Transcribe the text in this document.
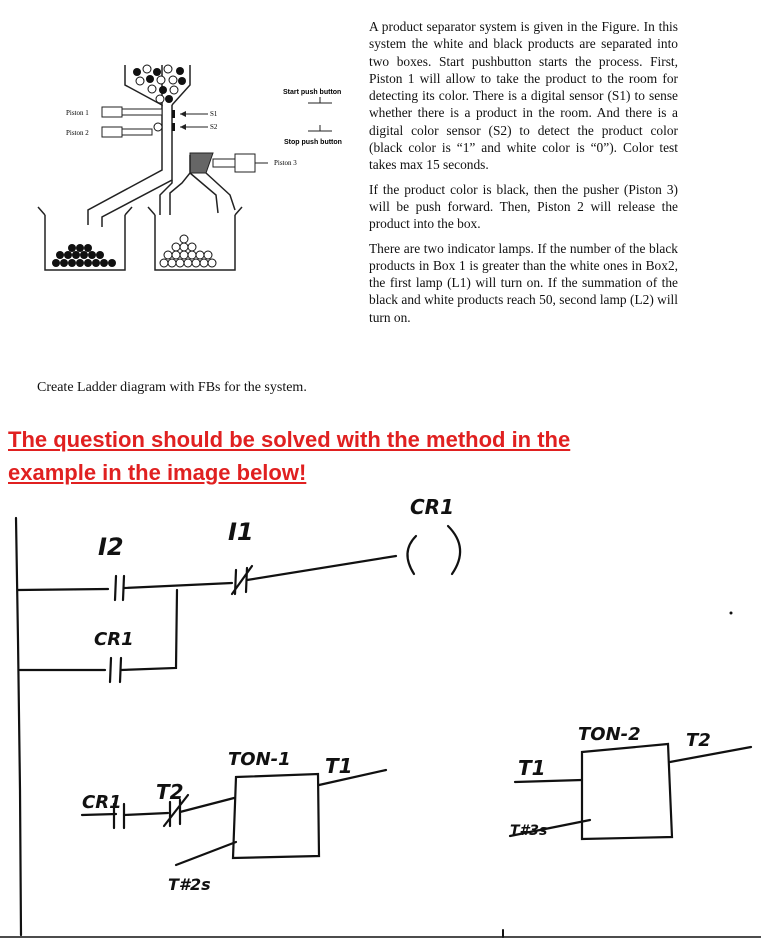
Piston 1
Piston 2
S1
S2
Start push button
Stop push button
Piston 3

A product separator system is given in the Figure. In this system the white and black products are separated into two boxes. Start pushbutton starts the process. First, Piston 1 will allow to take the product to the room for detecting its color. There is a digital sensor (S1) to sense whether there is a product in the room. And there is a digital color sensor (S2) to detect the product color (black color is “1” and white color is “0”). Color test takes max 15 seconds.

If the product color is black, then the pusher (Piston 3) will be push forward. Then, Piston 2 will release the product into the box.

There are two indicator lamps. If the number of the black products in Box 1 is greater than the white ones in Box2, the first lamp (L1) will turn on. If the summation of the black and white products reach 50, second lamp (L2) will turn on.

Create Ladder diagram with FBs for the system.
The question should be solved with the method in the
example in the image below!
I2
I1
CR1
CR1
CR1 T2
TON-1 T1
T#2s
T1
TON-2	T2
T#3s
